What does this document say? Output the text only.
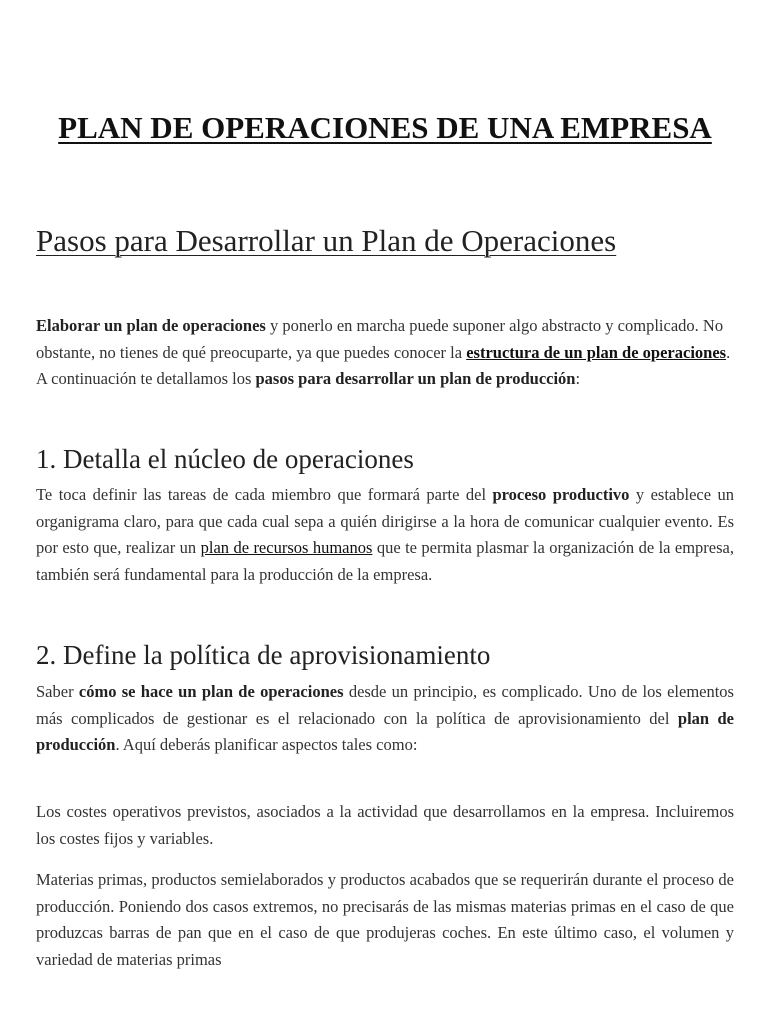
PLAN DE OPERACIONES DE UNA EMPRESA
Pasos para Desarrollar un Plan de Operaciones

Elaborar un plan de operaciones y ponerlo en marcha puede suponer algo abstracto y complicado. No obstante, no tienes de qué preocuparte, ya que puedes conocer la estructura de un plan de operaciones. A continuación te detallamos los pasos para desarrollar un plan de producción:

1. Detalla el núcleo de operaciones

Te toca definir las tareas de cada miembro que formará parte del proceso productivo y establece un organigrama claro, para que cada cual sepa a quién dirigirse a la hora de comunicar cualquier evento. Es por esto que, realizar un plan de recursos humanos que te permita plasmar la organización de la empresa, también será fundamental para la producción de la empresa.

2. Define la política de aprovisionamiento

Saber cómo se hace un plan de operaciones desde un principio, es complicado. Uno de los elementos más complicados de gestionar es el relacionado con la política de aprovisionamiento del plan de producción. Aquí deberás planificar aspectos tales como:

Los costes operativos previstos, asociados a la actividad que desarrollamos en la empresa. Incluiremos los costes fijos y variables.

Materias primas, productos semielaborados y productos acabados que se requerirán durante el proceso de producción. Poniendo dos casos extremos, no precisarás de las mismas materias primas en el caso de que produzcas barras de pan que en el caso de que produjeras coches. En este último caso, el volumen y variedad de materias primas
